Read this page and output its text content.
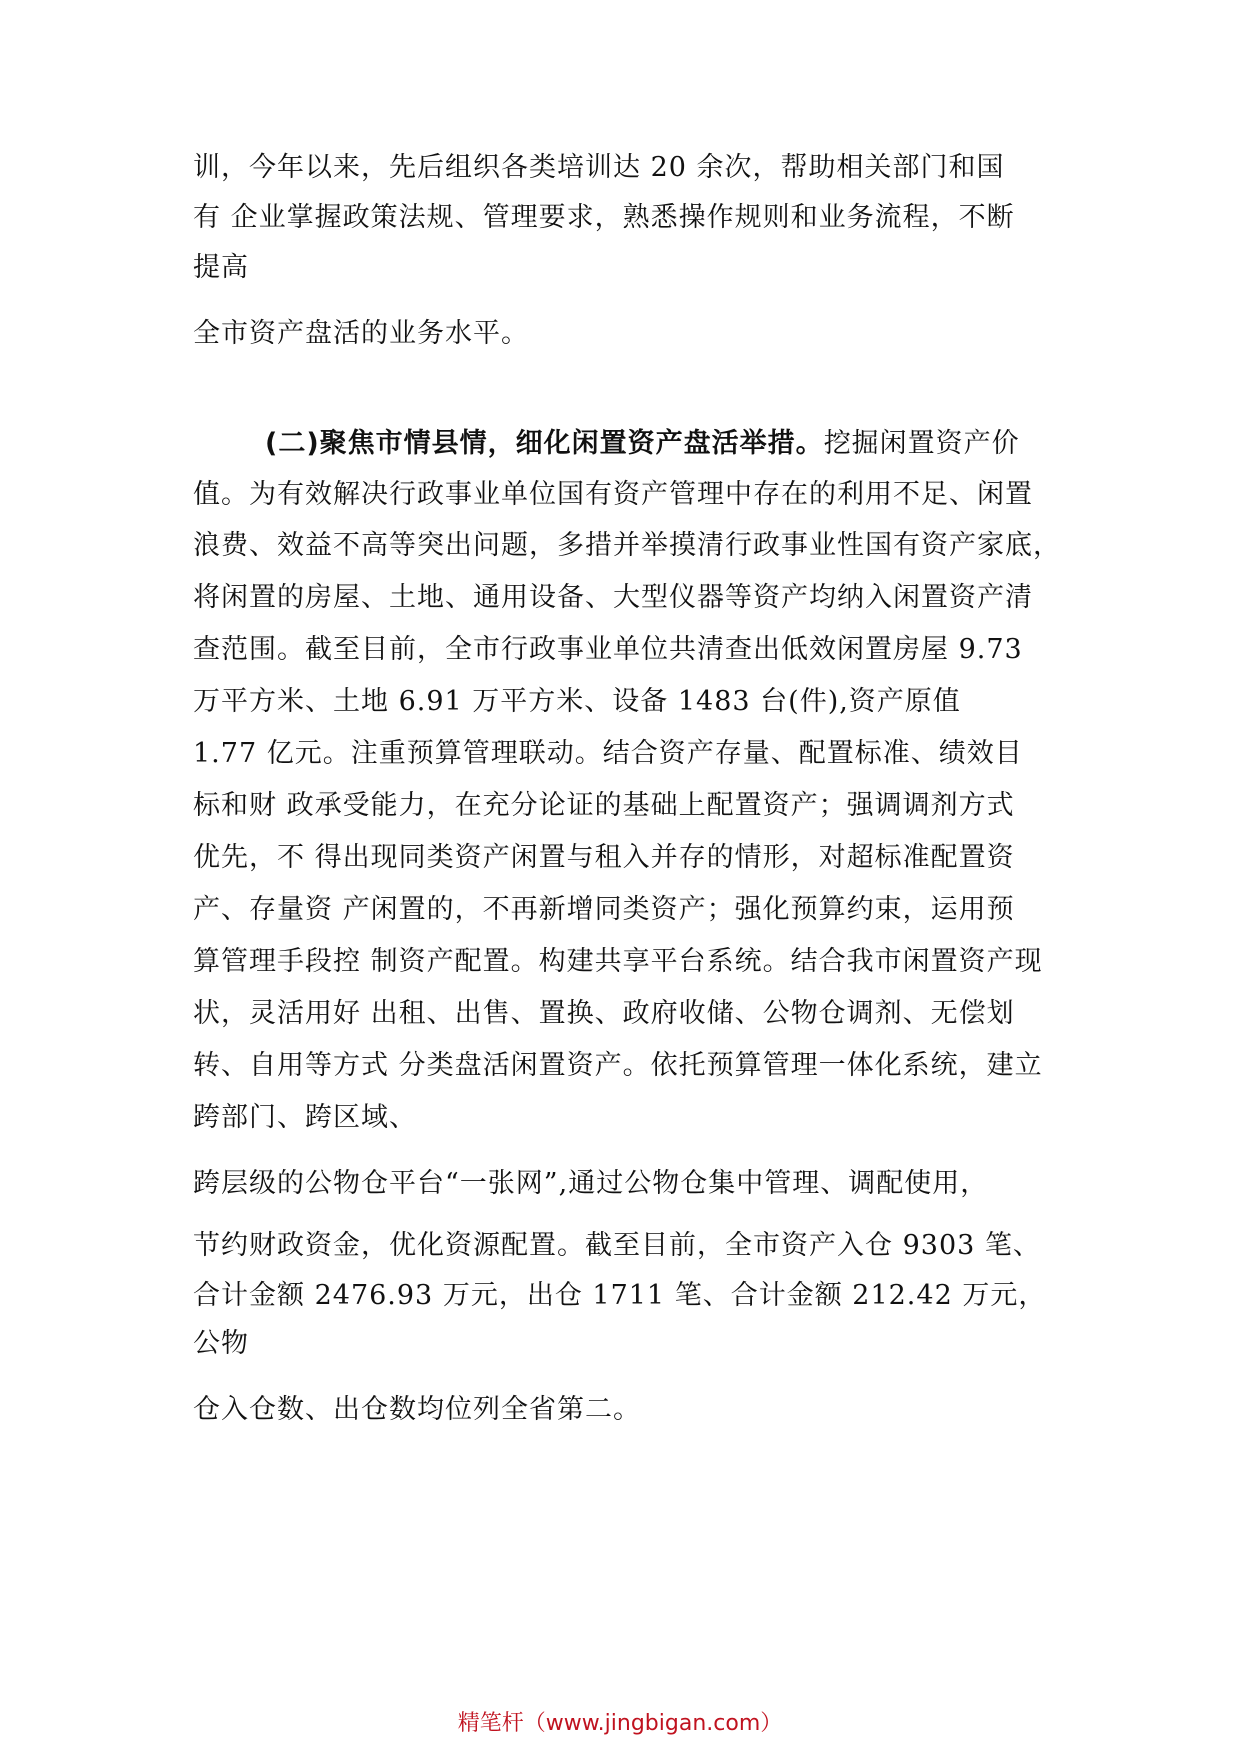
训，今年以来，先后组织各类培训达 20 余次，帮助相关部门和国

有 企业掌握政策法规、管理要求，熟悉操作规则和业务流程，不断

提高

全市资产盘活的业务水平。

(二)聚焦市情县情，细化闲置资产盘活举措。挖掘闲置资产价

值。为有效解决行政事业单位国有资产管理中存在的利用不足、闲置

浪费、效益不高等突出问题，多措并举摸清行政事业性国有资产家底，

将闲置的房屋、土地、通用设备、大型仪器等资产均纳入闲置资产清

查范围。截至目前，全市行政事业单位共清查出低效闲置房屋 9.73

万平方米、土地 6.91 万平方米、设备 1483 台(件),资产原值

1.77 亿元。注重预算管理联动。结合资产存量、配置标准、绩效目

标和财 政承受能力，在充分论证的基础上配置资产；强调调剂方式

优先，不 得出现同类资产闲置与租入并存的情形，对超标准配置资

产、存量资 产闲置的，不再新增同类资产；强化预算约束，运用预

算管理手段控 制资产配置。构建共享平台系统。结合我市闲置资产现

状，灵活用好 出租、出售、置换、政府收储、公物仓调剂、无偿划

转、自用等方式 分类盘活闲置资产。依托预算管理一体化系统，建立

跨部门、跨区域、

跨层级的公物仓平台“一张网”,通过公物仓集中管理、调配使用，

节约财政资金，优化资源配置。截至目前，全市资产入仓 9303 笔、

合计金额 2476.93 万元，出仓 1711 笔、合计金额 212.42 万元，

公物

仓入仓数、出仓数均位列全省第二。

精笔杆（www.jingbigan.com）
